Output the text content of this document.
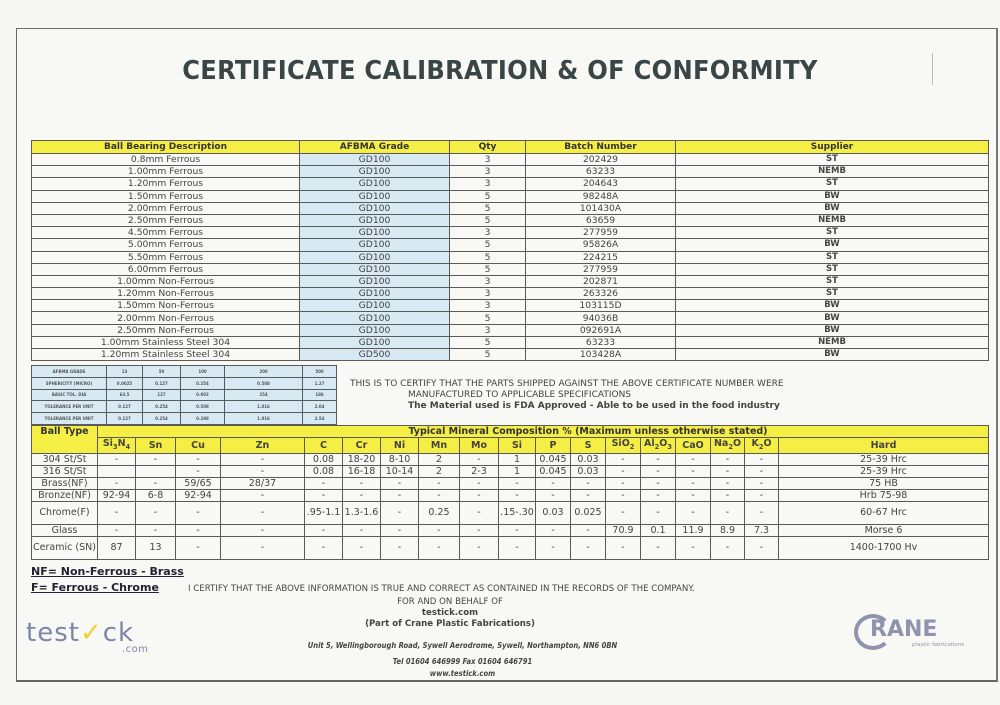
CERTIFICATE CALIBRATION & OF CONFORMITY
Ball Bearing Description	AFBMA Grade	Qty	Batch Number	Supplier
0.8mm Ferrous	GD100	3	202429	ST
1.00mm Ferrous	GD100	3	63233	NEMB
1.20mm Ferrous	GD100	3	204643	ST
1.50mm Ferrous	GD100	5	98248A	BW
2.00mm Ferrous	GD100	5	101430A	BW
2.50mm Ferrous	GD100	5	63659	NEMB
4.50mm Ferrous	GD100	3	277959	ST
5.00mm Ferrous	GD100	5	95826A	BW
5.50mm Ferrous	GD100	5	224215	ST
6.00mm Ferrous	GD100	5	277959	ST
1.00mm Non-Ferrous	GD100	3	202871	ST
1.20mm Non-Ferrous	GD100	3	263326	ST
1.50mm Non-Ferrous	GD100	3	103115D	BW
2.00mm Non-Ferrous	GD100	5	94036B	BW
2.50mm Non-Ferrous	GD100	3	092691A	BW
1.00mm Stainless Steel 304	GD100	5	63233	NEMB
1.20mm Stainless Steel 304	GD500	5	103428A	BW
AFBMA GRADE	13	50	100	200	500
SPHERICITY (MICRO)	0.0025	0.127	0.254	0.508	1.27
BASIC TOL. DIA	63.5	127	0.002	254	186
TOLERANCE PER UNIT	0.127	0.254	0.508	1.016	2.04
TOLERANCE PER UNIT	0.127	0.254	0.288	1.016	2.54
THIS IS TO CERTIFY THAT THE PARTS SHIPPED AGAINST THE ABOVE CERTIFICATE NUMBER WERE
MANUFACTURED TO APPLICABLE SPECIFICATIONS
The Material used is FDA Approved - Able to be used in the food industry
Ball Type	Typical Mineral Composition % (Maximum unless otherwise stated)																	
	$Si_3N_4$	Sn	Cu	Zn	C	Cr	Ni	Mn	Mo	Si	P	S	SiO$_2$	$Al_2O_3$	CaO	$Na_2O$	$K_2O$	Hard
304 St/St	-	-	-	-	0.08	18-20	8-10	2	-	1	0.045	0.03	-	-	-	-	-	25-39 Hrc
316 St/St			-	-	0.08	16-18	10-14	2	2-3	1	0.045	0.03	-	-	-	-	-	25-39 Hrc
Brass(NF)	-	-	59/65	28/37	-	-	-	-	-	-	-	-	-	-	-	-	-	75 HB
Bronze(NF)	92-94	6-8	92-94	-	-	-	-	-	-	-	-	-	-	-	-	-	-	Hrb 75-98
Chrome(F)	-	-	-	-	.95-1.1	1.3-1.6	-	0.25	-	.15-.30	0.03	0.025	-	-	-	-	-	60-67 Hrc
Glass	-	-	-	-	-	-	-	-	-	-	-	-	70.9	0.1	11.9	8.9	7.3	Morse 6
Ceramic (SN)	87	13	-	-	-	-	-	-	-	-	-	-	-	-	-	-	-	1400-1700 Hv
NF= Non-Ferrous - Brass
F= Ferrous - Chrome	I CERTIFY THAT THE ABOVE INFORMATION IS TRUE AND CORRECT AS CONTAINED IN THE RECORDS OF THE COMPANY.
FOR AND ON BEHALF OF
testick.com
(Part of Crane Plastic Fabrications)
Unit 5, Wellingborough Road, Sywell Aerodrome, Sywell, Northampton, NN6 0BN
Tel 01604 646999 Fax 01604 646791
www.testick.com
test✓ck
.com
RANE
plastic fabrications
